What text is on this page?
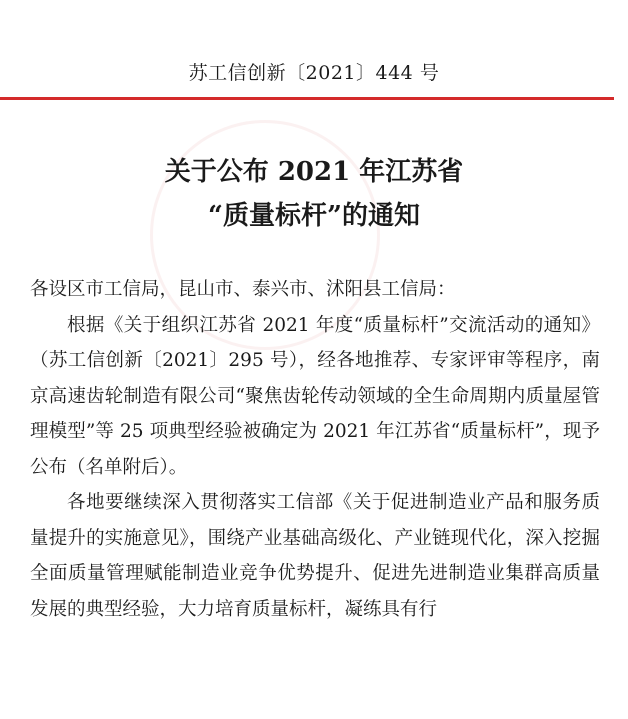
苏工信创新〔2021〕444 号
关于公布 2021 年江苏省
“质量标杆”的通知

各设区市工信局，昆山市、泰兴市、沭阳县工信局：

根据《关于组织江苏省 2021 年度“质量标杆”交流活动的通知》（苏工信创新〔2021〕295 号），经各地推荐、专家评审等程序，南京高速齿轮制造有限公司“聚焦齿轮传动领域的全生命周期内质量屋管理模型”等 25 项典型经验被确定为 2021 年江苏省“质量标杆”，现予公布（名单附后）。

各地要继续深入贯彻落实工信部《关于促进制造业产品和服务质量提升的实施意见》，围绕产业基础高级化、产业链现代化，深入挖掘全面质量管理赋能制造业竞争优势提升、促进先进制造业集群高质量发展的典型经验，大力培育质量标杆，凝练具有行
